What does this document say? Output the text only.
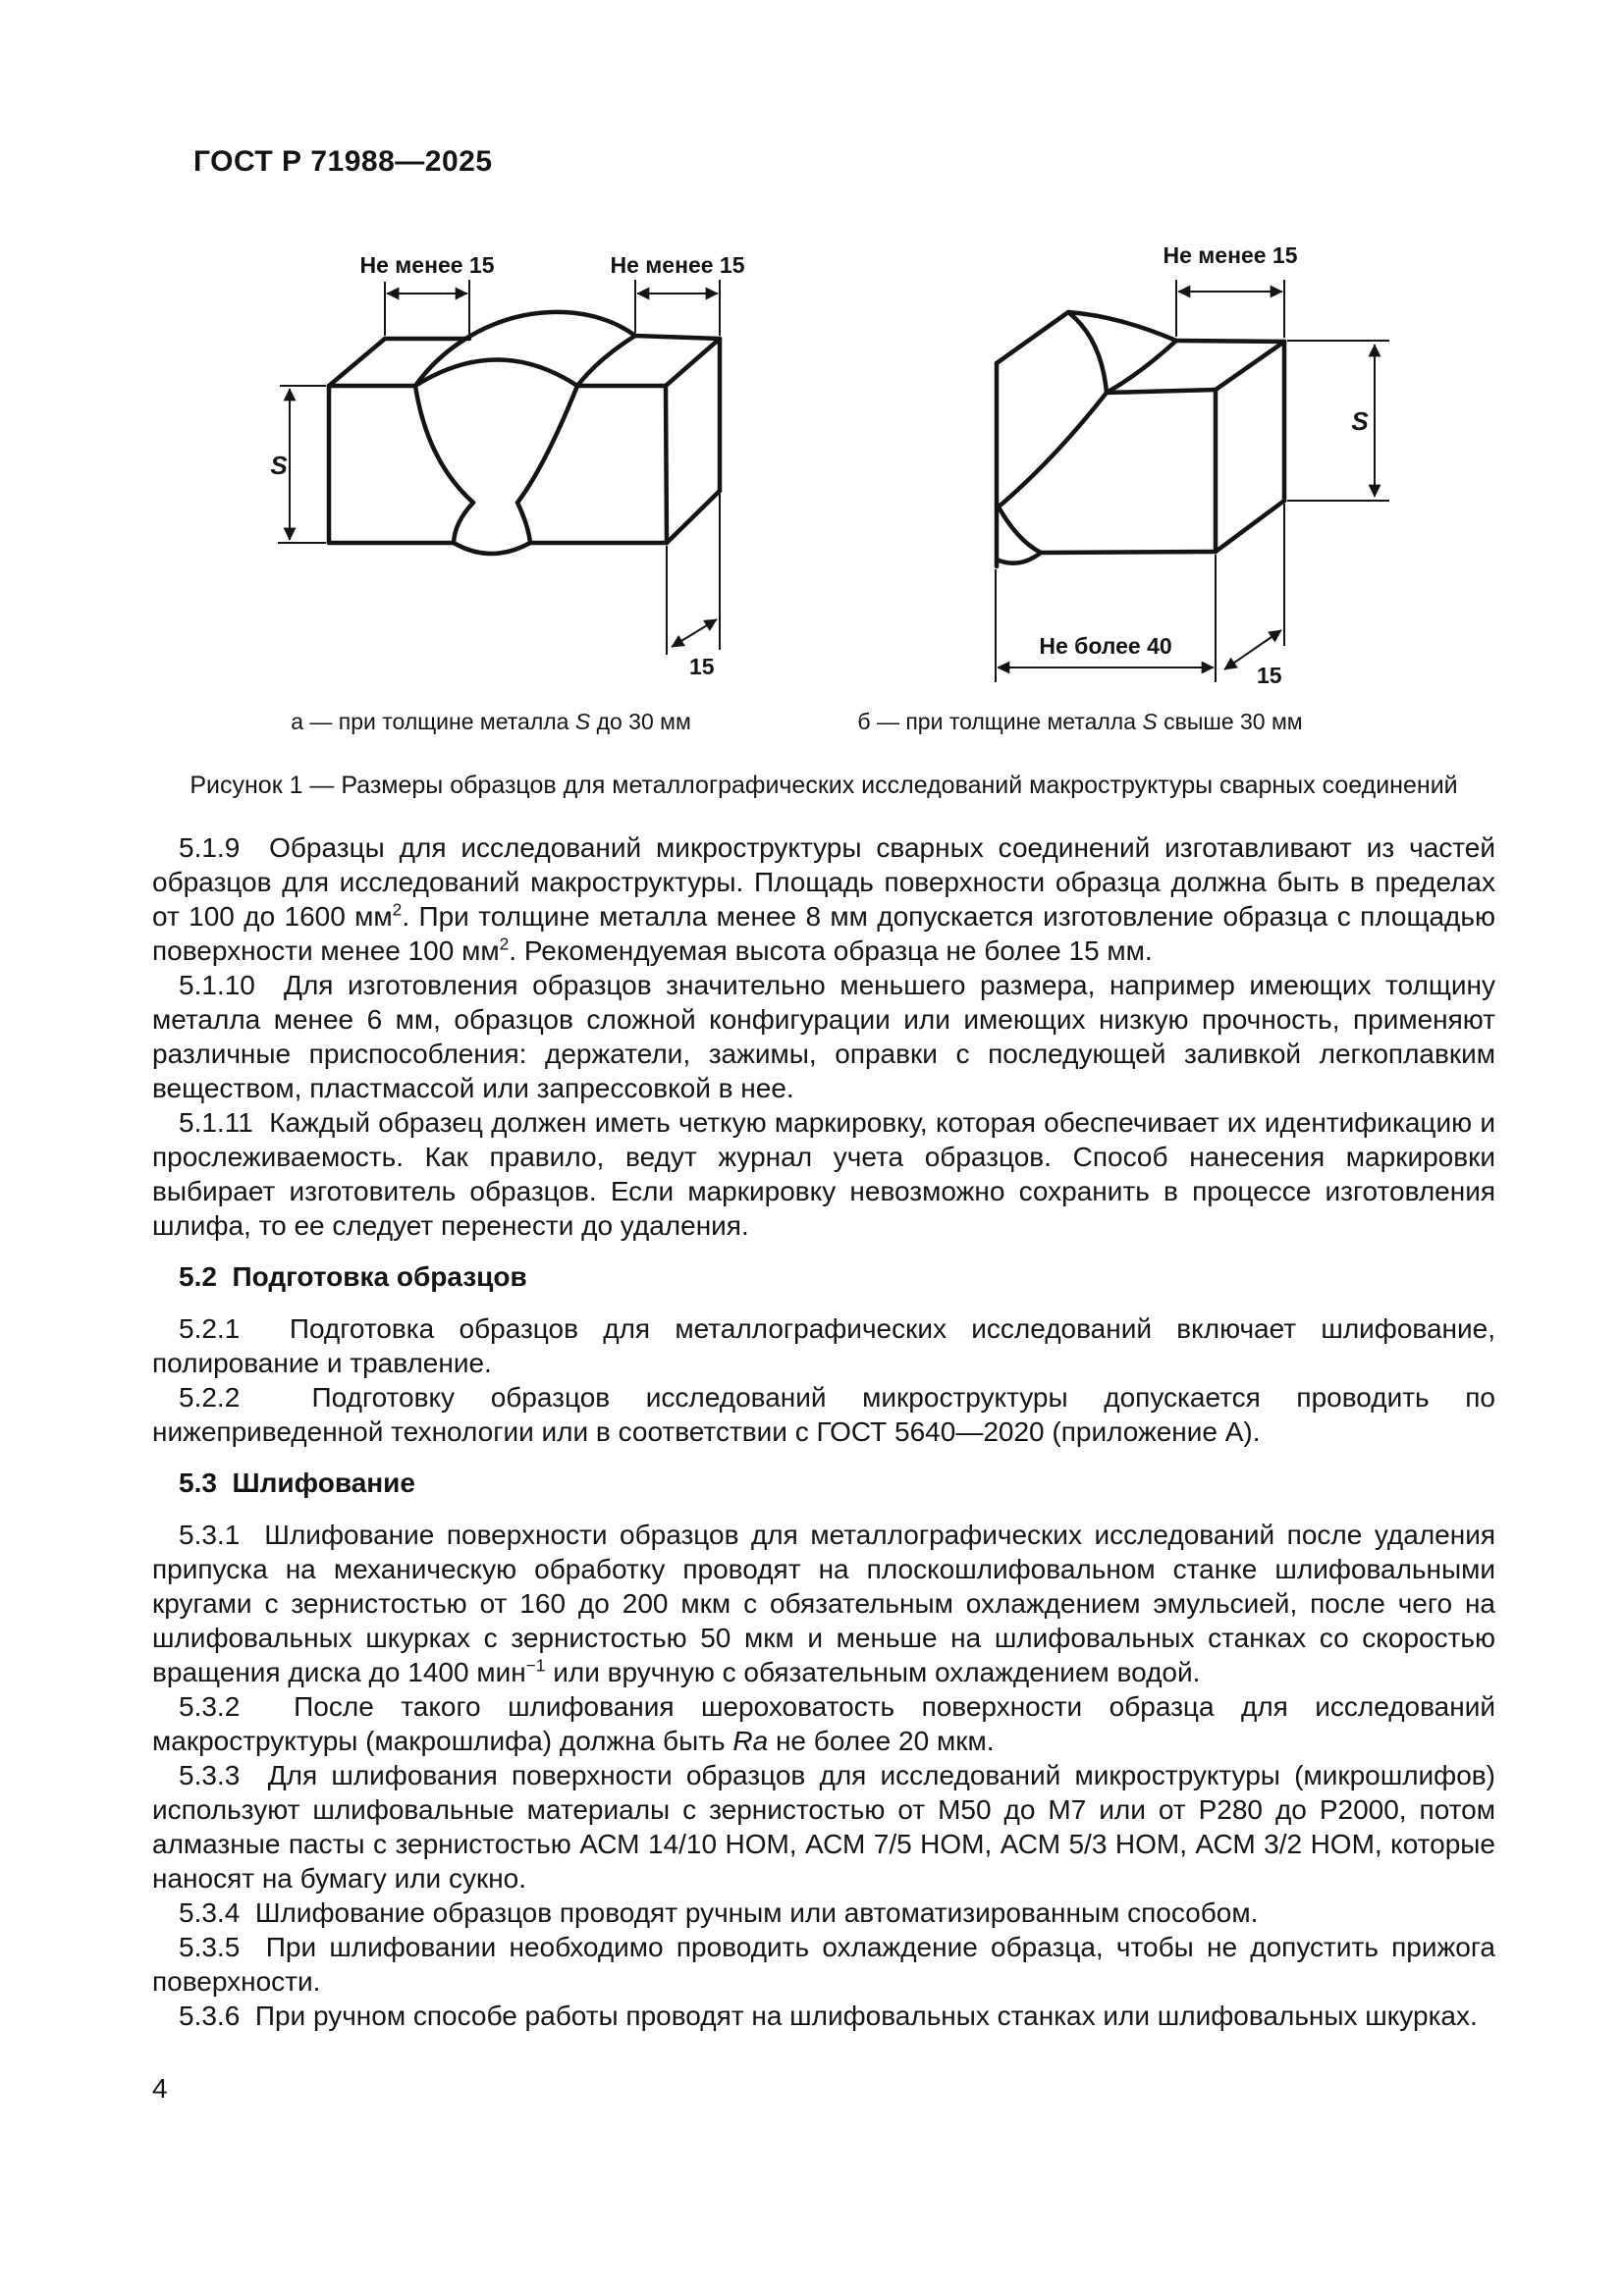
ГОСТ Р 71988—2025
Не менее 15	Не менее 15
S
15
Не менее 15
S
Не более 40
15
а — при толщине металла S до 30 мм	б — при толщине металла S свыше 30 мм
Рисунок 1 — Размеры образцов для металлографических исследований макроструктуры сварных соединений

5.1.9  Образцы для исследований микроструктуры сварных соединений изготавливают из частей образцов для исследований макроструктуры. Площадь поверхности образца должна быть в пределах от 100 до 1600 $мм^2$. При толщине металла менее 8 мм допускается изготовление образца с площадью поверхности менее 100 $мм^2$. Рекомендуемая высота образца не более 15 мм.

5.1.10  Для изготовления образцов значительно меньшего размера, например имеющих толщину металла менее 6 мм, образцов сложной конфигурации или имеющих низкую прочность, применяют различные приспособления: держатели, зажимы, оправки с последующей заливкой легкоплавким веществом, пластмассой или запрессовкой в нее.

5.1.11  Каждый образец должен иметь четкую маркировку, которая обеспечивает их идентификацию и прослеживаемость. Как правило, ведут журнал учета образцов. Способ нанесения маркировки выбирает изготовитель образцов. Если маркировку невозможно сохранить в процессе изготовления шлифа, то ее следует перенести до удаления.

5.2  Подготовка образцов

5.2.1  Подготовка образцов для металлографических исследований включает шлифование, полирование и травление.

5.2.2  Подготовку образцов исследований микроструктуры допускается проводить по нижеприведенной технологии или в соответствии с ГОСТ 5640—2020 (приложение А).

5.3  Шлифование

5.3.1  Шлифование поверхности образцов для металлографических исследований после удаления припуска на механическую обработку проводят на плоскошлифовальном станке шлифовальными кругами с зернистостью от 160 до 200 мкм с обязательным охлаждением эмульсией, после чего на шлифовальных шкурках с зернистостью 50 мкм и меньше на шлифовальных станках со скоростью вращения диска до 1400 мин$^{-1}$ или вручную с обязательным охлаждением водой.

5.3.2  После такого шлифования шероховатость поверхности образца для исследований макроструктуры (макрошлифа) должна быть Ra не более 20 мкм.

5.3.3  Для шлифования поверхности образцов для исследований микроструктуры (микрошлифов) используют шлифовальные материалы с зернистостью от М50 до М7 или от Р280 до Р2000, потом алмазные пасты с зернистостью АСМ 14/10 НОМ, АСМ 7/5 НОМ, АСМ 5/3 НОМ, АСМ 3/2 НОМ, которые наносят на бумагу или сукно.

5.3.4  Шлифование образцов проводят ручным или автоматизированным способом.

5.3.5  При шлифовании необходимо проводить охлаждение образца, чтобы не допустить прижога поверхности.

5.3.6  При ручном способе работы проводят на шлифовальных станках или шлифовальных шкурках.

4
